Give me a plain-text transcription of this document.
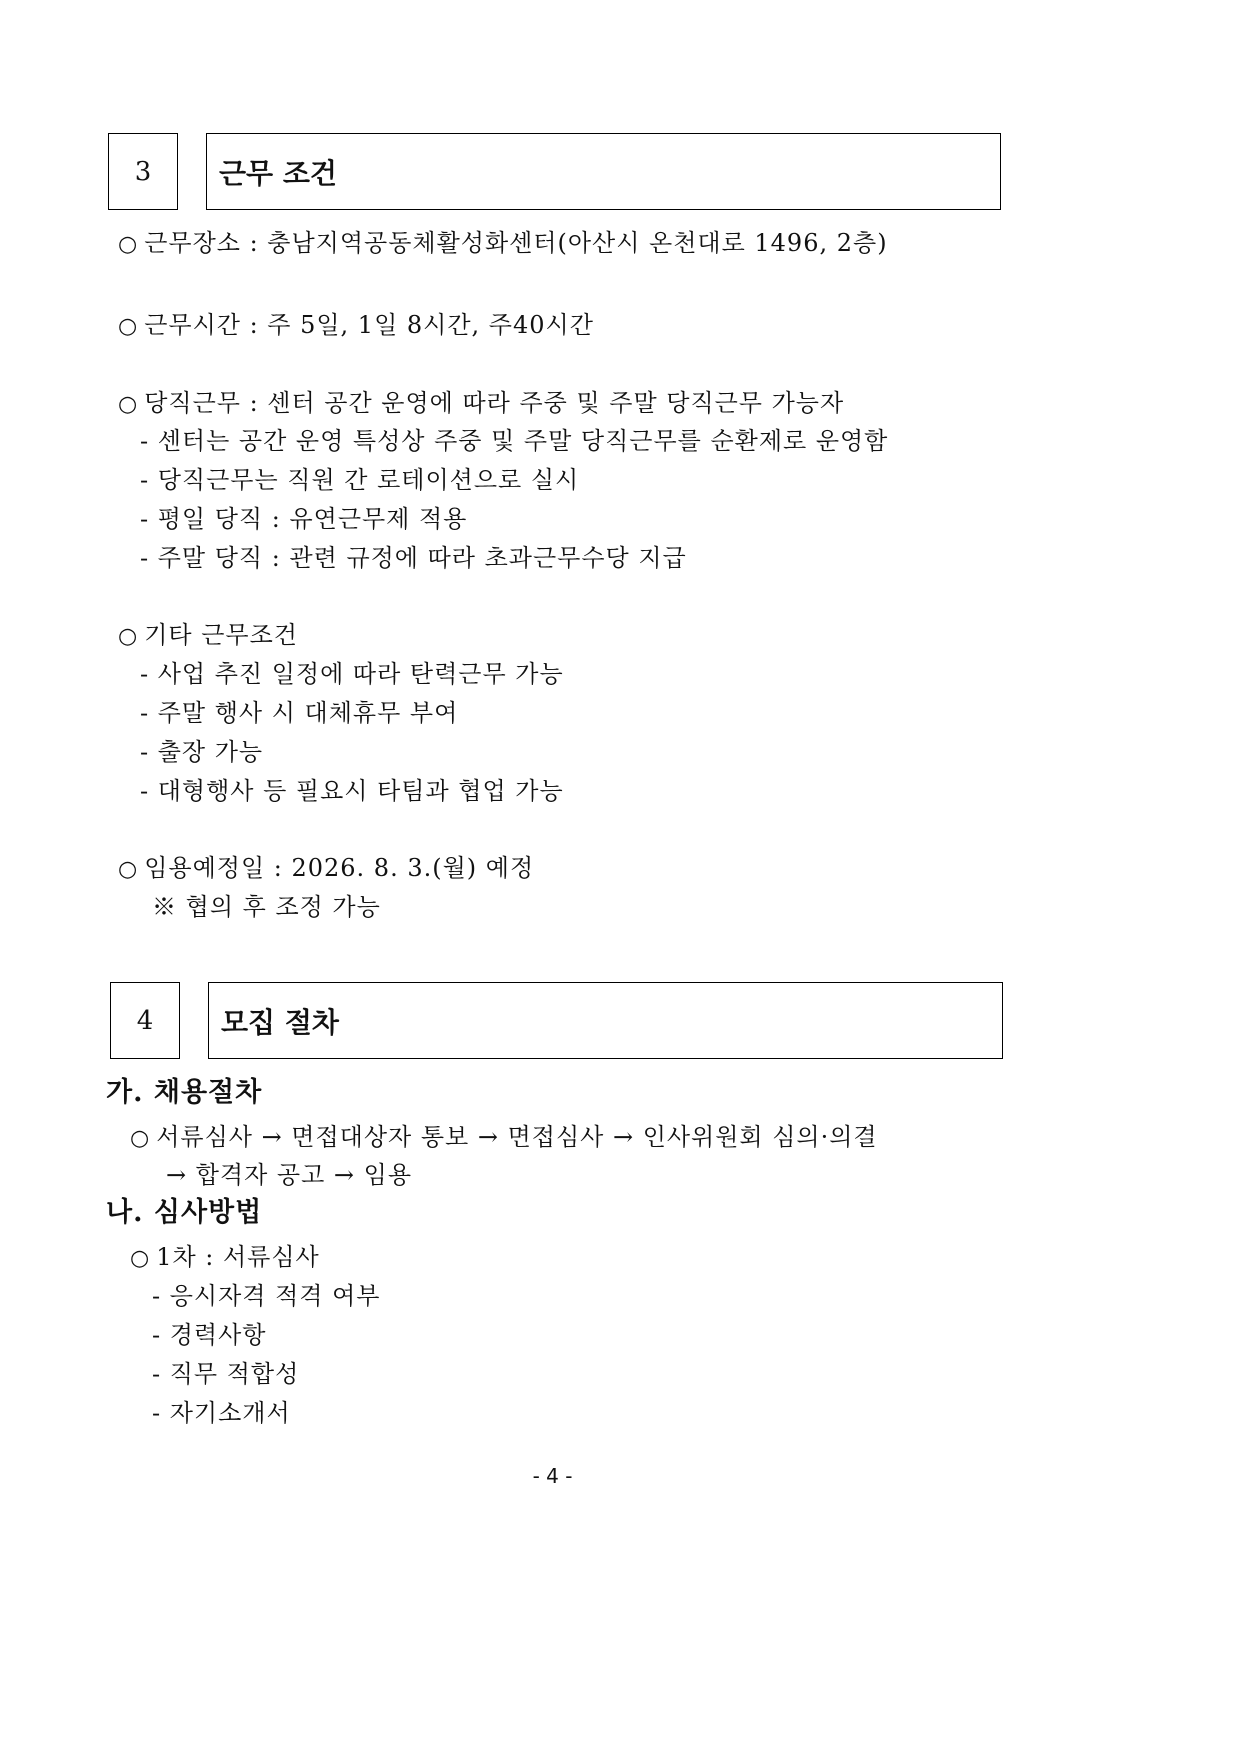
3 근무 조건
○ 근무장소 : 충남지역공동체활성화센터(아산시 온천대로 1496, 2층)
○ 근무시간 : 주 5일, 1일 8시간, 주40시간
○ 당직근무 : 센터 공간 운영에 따라 주중 및 주말 당직근무 가능자
- 센터는 공간 운영 특성상 주중 및 주말 당직근무를 순환제로 운영함
- 당직근무는 직원 간 로테이션으로 실시
- 평일 당직 : 유연근무제 적용
- 주말 당직 : 관련 규정에 따라 초과근무수당 지급
○ 기타 근무조건
- 사업 추진 일정에 따라 탄력근무 가능
- 주말 행사 시 대체휴무 부여
- 출장 가능
- 대형행사 등 필요시 타팀과 협업 가능
○ 임용예정일 : 2026. 8. 3.(월) 예정
※ 협의 후 조정 가능
4 모집 절차
가. 채용절차
○ 서류심사 → 면접대상자 통보 → 면접심사 → 인사위원회 심의·의결
→ 합격자 공고 → 임용
나. 심사방법
○ 1차 : 서류심사
- 응시자격 적격 여부
- 경력사항
- 직무 적합성
- 자기소개서
- 4 -
